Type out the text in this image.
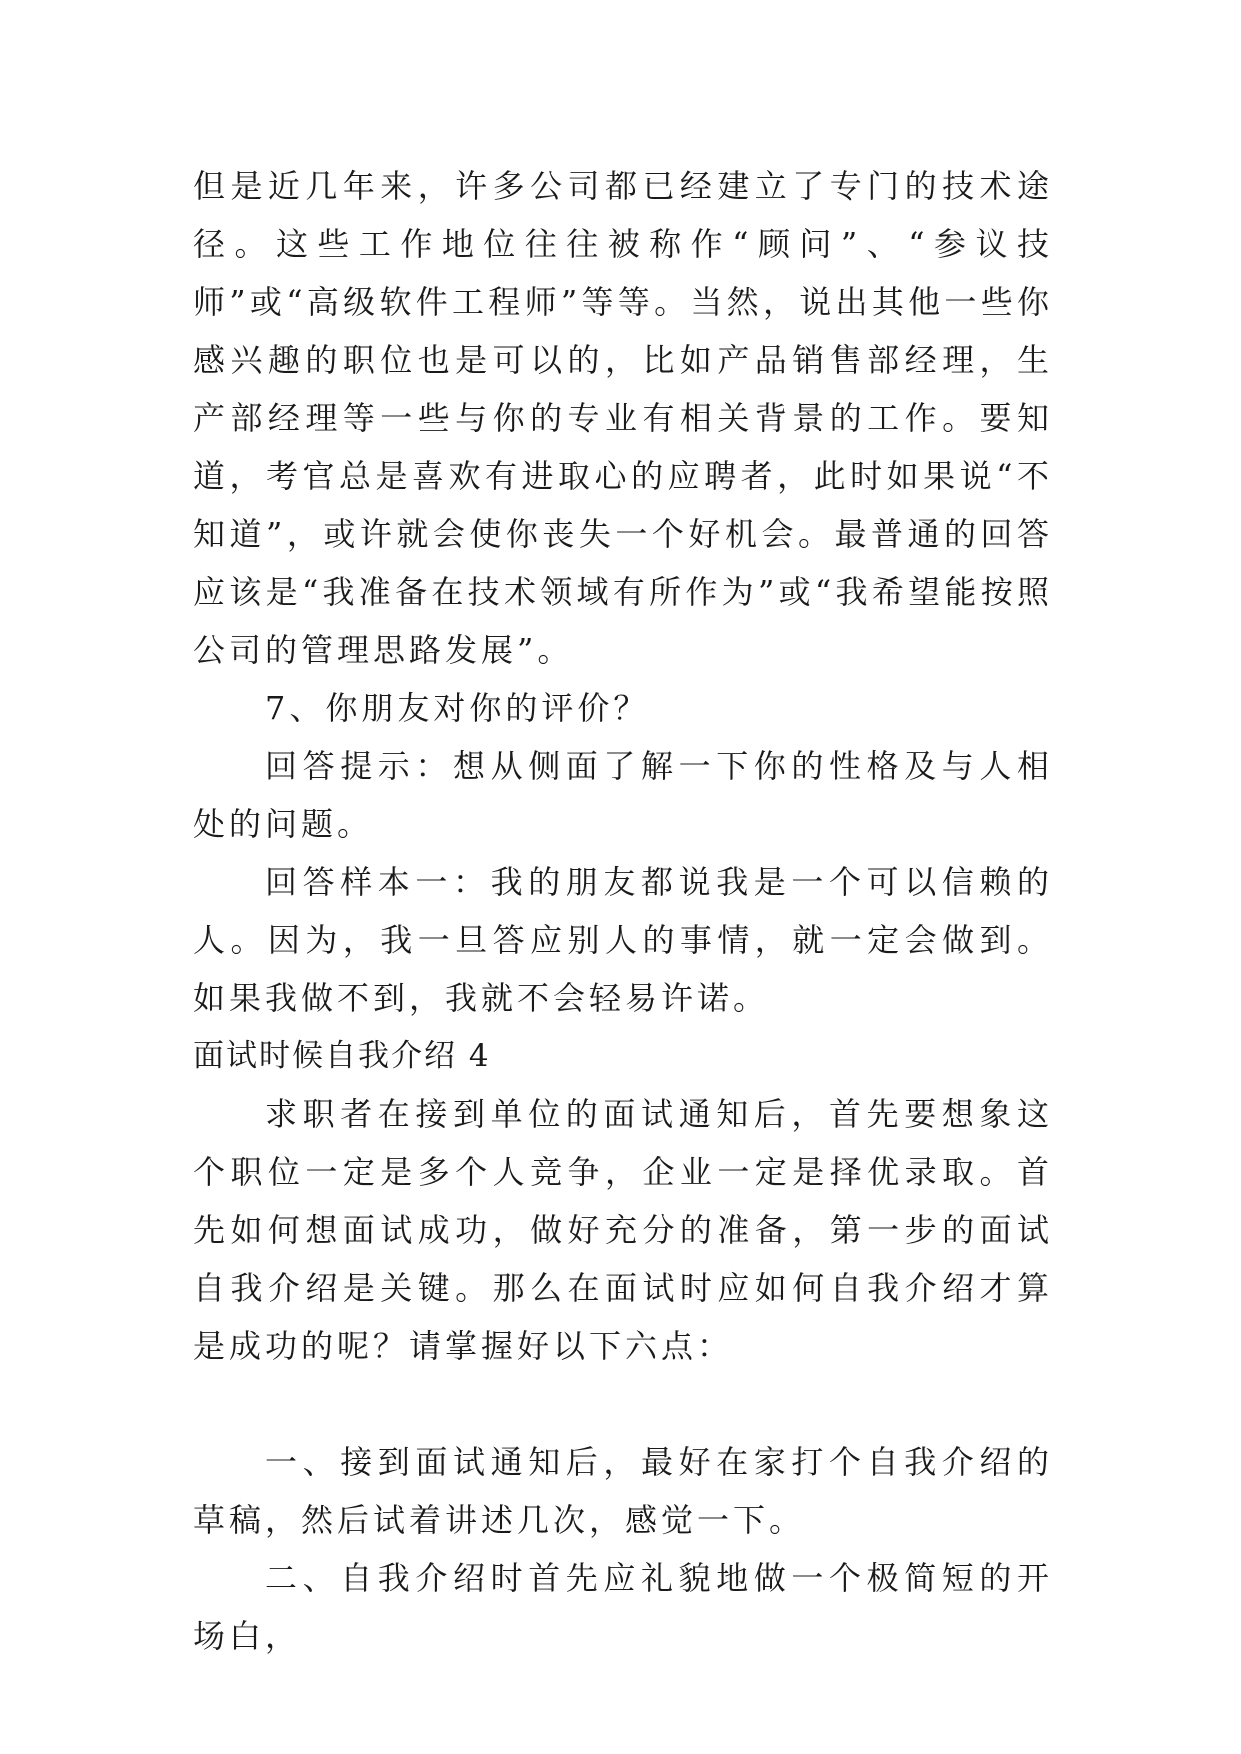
但是近几年来，许多公司都已经建立了专门的技术途径。这些工作地位往往被称作“顾问”、“参议技师”或“高级软件工程师”等等。当然，说出其他一些你感兴趣的职位也是可以的，比如产品销售部经理，生产部经理等一些与你的专业有相关背景的工作。要知道，考官总是喜欢有进取心的应聘者，此时如果说“不知道”，或许就会使你丧失一个好机会。最普通的回答应该是“我准备在技术领域有所作为”或“我希望能按照公司的管理思路发展”。

7、你朋友对你的评价？

回答提示：想从侧面了解一下你的性格及与人相处的问题。

回答样本一：我的朋友都说我是一个可以信赖的人。因为，我一旦答应别人的事情，就一定会做到。如果我做不到，我就不会轻易许诺。

面试时候自我介绍 4

求职者在接到单位的面试通知后，首先要想象这个职位一定是多个人竞争，企业一定是择优录取。首先如何想面试成功，做好充分的准备，第一步的面试自我介绍是关键。那么在面试时应如何自我介绍才算是成功的呢？请掌握好以下六点：

一、接到面试通知后，最好在家打个自我介绍的草稿，然后试着讲述几次，感觉一下。

二、自我介绍时首先应礼貌地做一个极简短的开场白，
